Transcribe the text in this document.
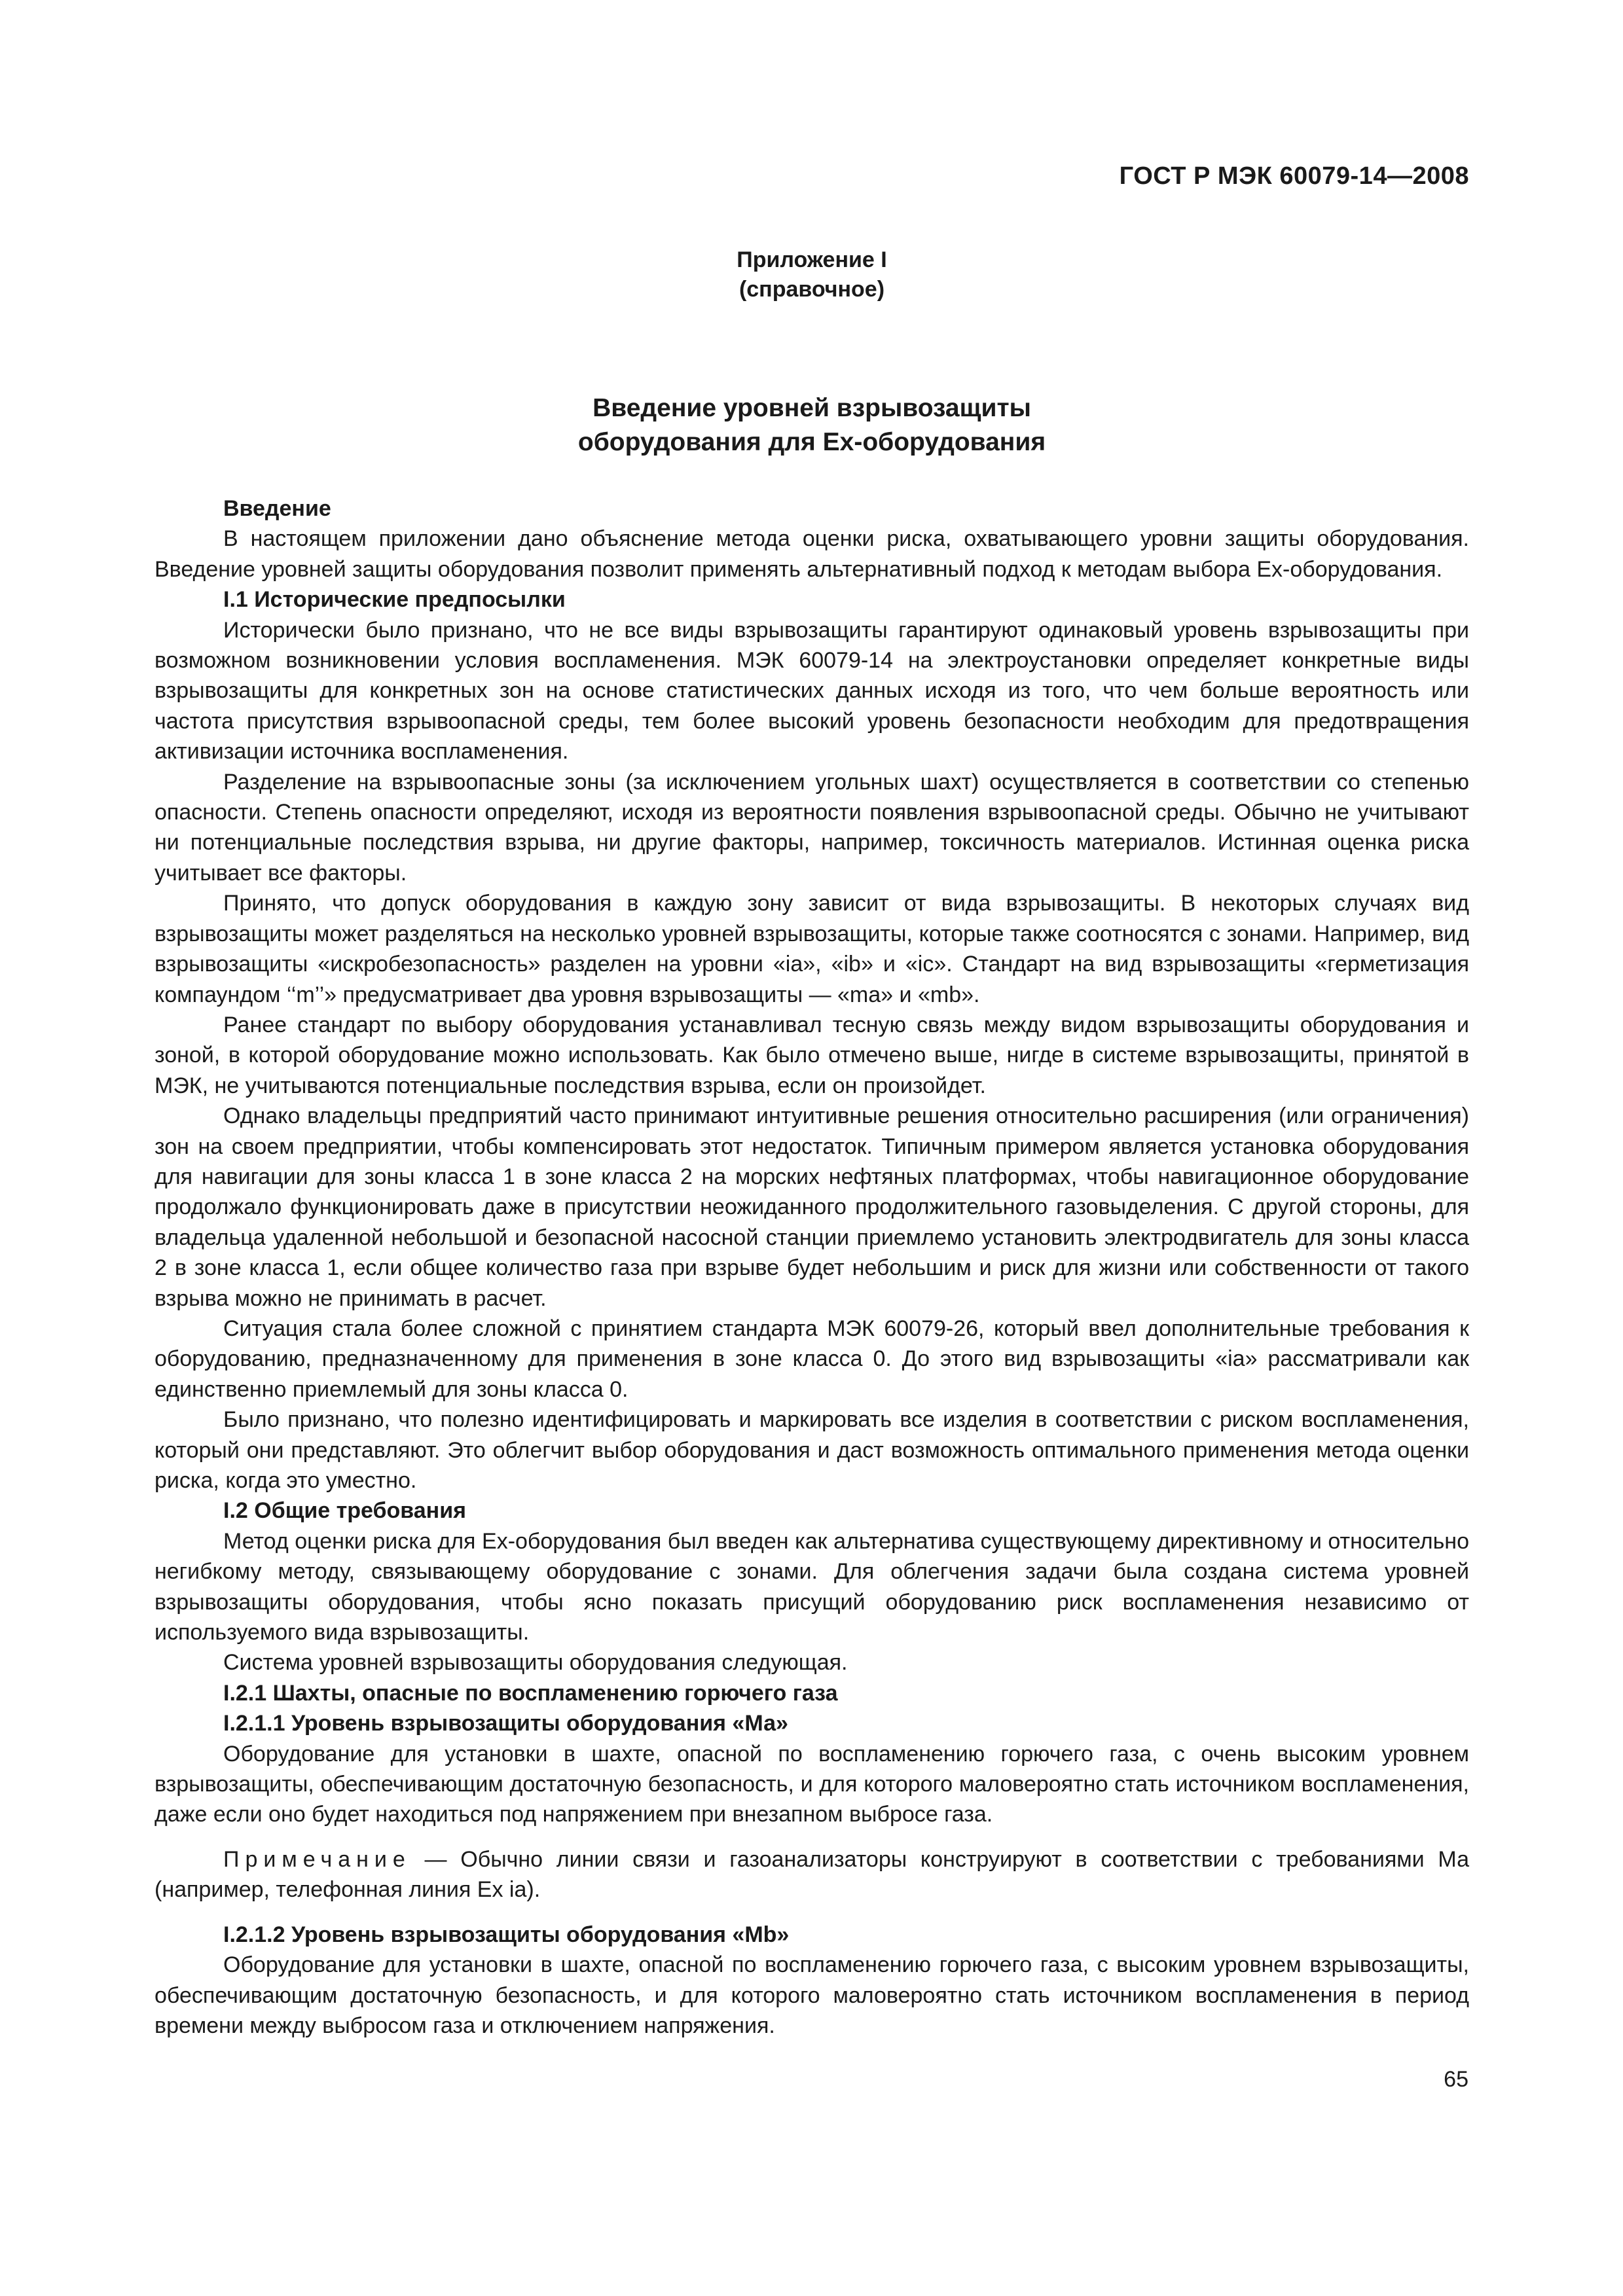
ГОСТ Р МЭК 60079-14—2008
Приложение I
(справочное)
Введение уровней взрывозащиты
оборудования для Ex-оборудования
Введение

В настоящем приложении дано объяснение метода оценки риска, охватывающего уровни защиты оборудования. Введение уровней защиты оборудования позволит применять альтернативный подход к методам выбора Ex-оборудования.

I.1 Исторические предпосылки

Исторически было признано, что не все виды взрывозащиты гарантируют одинаковый уровень взрывозащиты при возможном возникновении условия воспламенения. МЭК 60079-14 на электроустановки определяет конкретные виды взрывозащиты для конкретных зон на основе статистических данных исходя из того, что чем больше вероятность или частота присутствия взрывоопасной среды, тем более высокий уровень безопасности необходим для предотвращения активизации источника воспламенения.

Разделение на взрывоопасные зоны (за исключением угольных шахт) осуществляется в соответствии со степенью опасности. Степень опасности определяют, исходя из вероятности появления взрывоопасной среды. Обычно не учитывают ни потенциальные последствия взрыва, ни другие факторы, например, токсичность материалов. Истинная оценка риска учитывает все факторы.

Принято, что допуск оборудования в каждую зону зависит от вида взрывозащиты. В некоторых случаях вид взрывозащиты может разделяться на несколько уровней взрывозащиты, которые также соотносятся с зонами. Например, вид взрывозащиты «искробезопасность» разделен на уровни «ia», «ib» и «ic». Стандарт на вид взрывозащиты «герметизация компаундом ‘‘m’’» предусматривает два уровня взрывозащиты — «ma» и «mb».

Ранее стандарт по выбору оборудования устанавливал тесную связь между видом взрывозащиты оборудования и зоной, в которой оборудование можно использовать. Как было отмечено выше, нигде в системе взрывозащиты, принятой в МЭК, не учитываются потенциальные последствия взрыва, если он произойдет.

Однако владельцы предприятий часто принимают интуитивные решения относительно расширения (или ограничения) зон на своем предприятии, чтобы компенсировать этот недостаток. Типичным примером является установка оборудования для навигации для зоны класса 1 в зоне класса 2 на морских нефтяных платформах, чтобы навигационное оборудование продолжало функционировать даже в присутствии неожиданного продолжительного газовыделения. С другой стороны, для владельца удаленной небольшой и безопасной насосной станции приемлемо установить электродвигатель для зоны класса 2 в зоне класса 1, если общее количество газа при взрыве будет небольшим и риск для жизни или собственности от такого взрыва можно не принимать в расчет.

Ситуация стала более сложной с принятием стандарта МЭК 60079-26, который ввел дополнительные требования к оборудованию, предназначенному для применения в зоне класса 0. До этого вид взрывозащиты «ia» рассматривали как единственно приемлемый для зоны класса 0.

Было признано, что полезно идентифицировать и маркировать все изделия в соответствии с риском воспламенения, который они представляют. Это облегчит выбор оборудования и даст возможность оптимального применения метода оценки риска, когда это уместно.

I.2 Общие требования

Метод оценки риска для Ex-оборудования был введен как альтернатива существующему директивному и относительно негибкому методу, связывающему оборудование с зонами. Для облегчения задачи была создана система уровней взрывозащиты оборудования, чтобы ясно показать присущий оборудованию риск воспламенения независимо от используемого вида взрывозащиты.

Система уровней взрывозащиты оборудования следующая.

I.2.1 Шахты, опасные по воспламенению горючего газа
I.2.1.1 Уровень взрывозащиты оборудования «Ма»

Оборудование для установки в шахте, опасной по воспламенению горючего газа, с очень высоким уровнем взрывозащиты, обеспечивающим достаточную безопасность, и для которого маловероятно стать источником воспламенения, даже если оно будет находиться под напряжением при внезапном выбросе газа.

Примечание — Обычно линии связи и газоанализаторы конструируют в соответствии с требованиями Ма (например, телефонная линия Ex ia).

I.2.1.2 Уровень взрывозащиты оборудования «Mb»

Оборудование для установки в шахте, опасной по воспламенению горючего газа, с высоким уровнем взрывозащиты, обеспечивающим достаточную безопасность, и для которого маловероятно стать источником воспламенения в период времени между выбросом газа и отключением напряжения.

65
